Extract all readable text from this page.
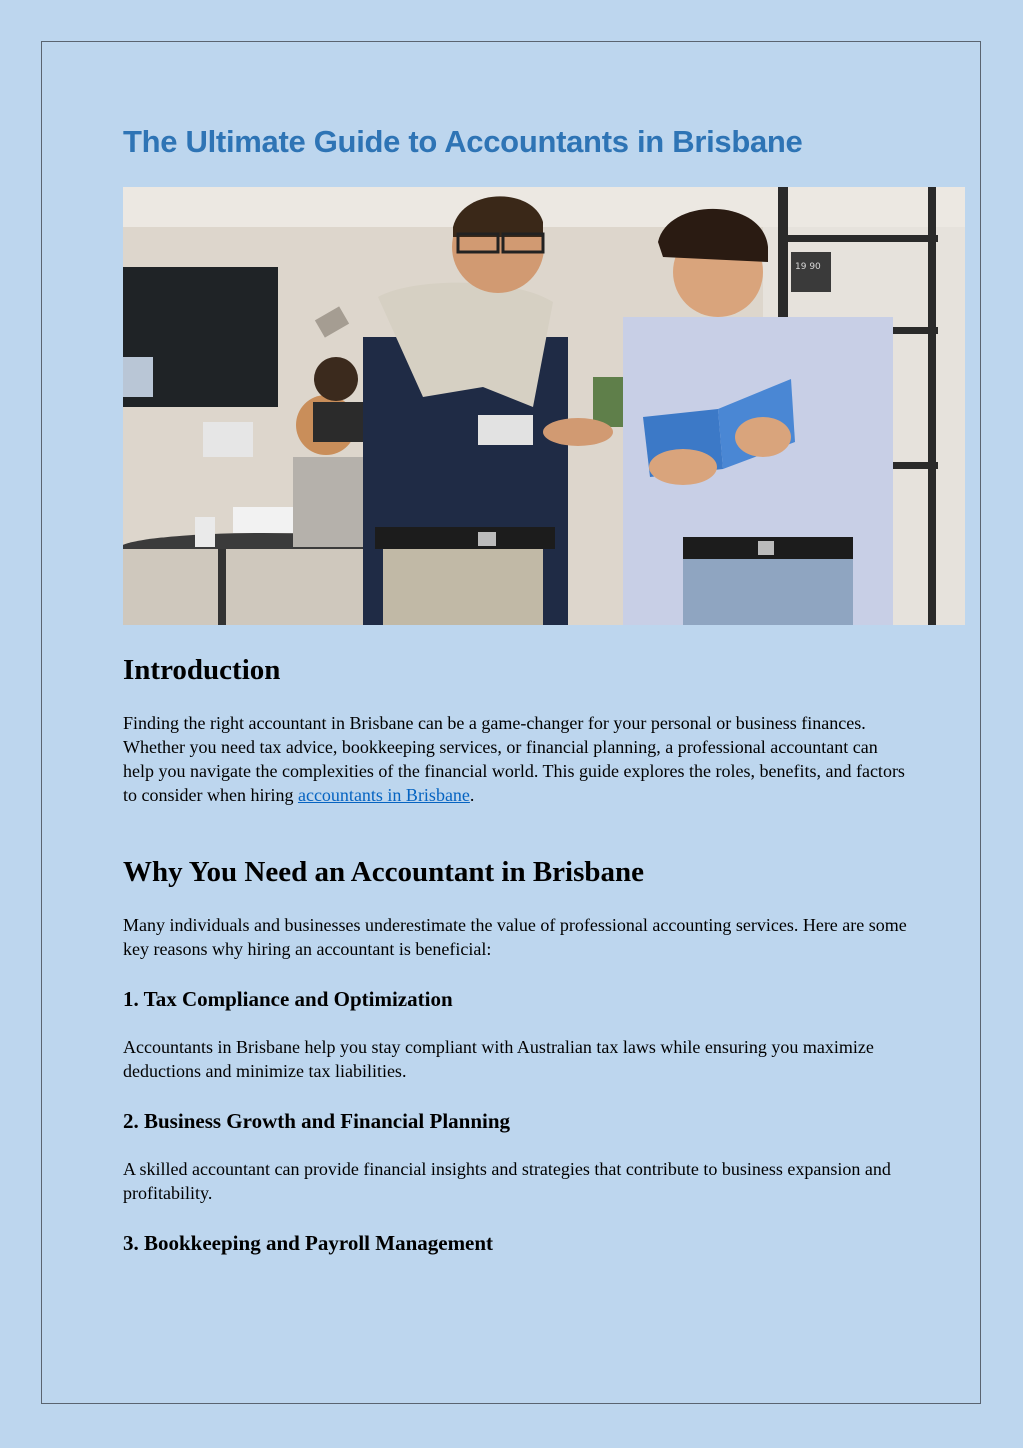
The Ultimate Guide to Accountants in Brisbane
19 90
Introduction

Finding the right accountant in Brisbane can be a game-changer for your personal or business finances. Whether you need tax advice, bookkeeping services, or financial planning, a professional accountant can help you navigate the complexities of the financial world. This guide explores the roles, benefits, and factors to consider when hiring accountants in Brisbane.

Why You Need an Accountant in Brisbane

Many individuals and businesses underestimate the value of professional accounting services. Here are some key reasons why hiring an accountant is beneficial:

1. Tax Compliance and Optimization

Accountants in Brisbane help you stay compliant with Australian tax laws while ensuring you maximize deductions and minimize tax liabilities.

2. Business Growth and Financial Planning

A skilled accountant can provide financial insights and strategies that contribute to business expansion and profitability.

3. Bookkeeping and Payroll Management
